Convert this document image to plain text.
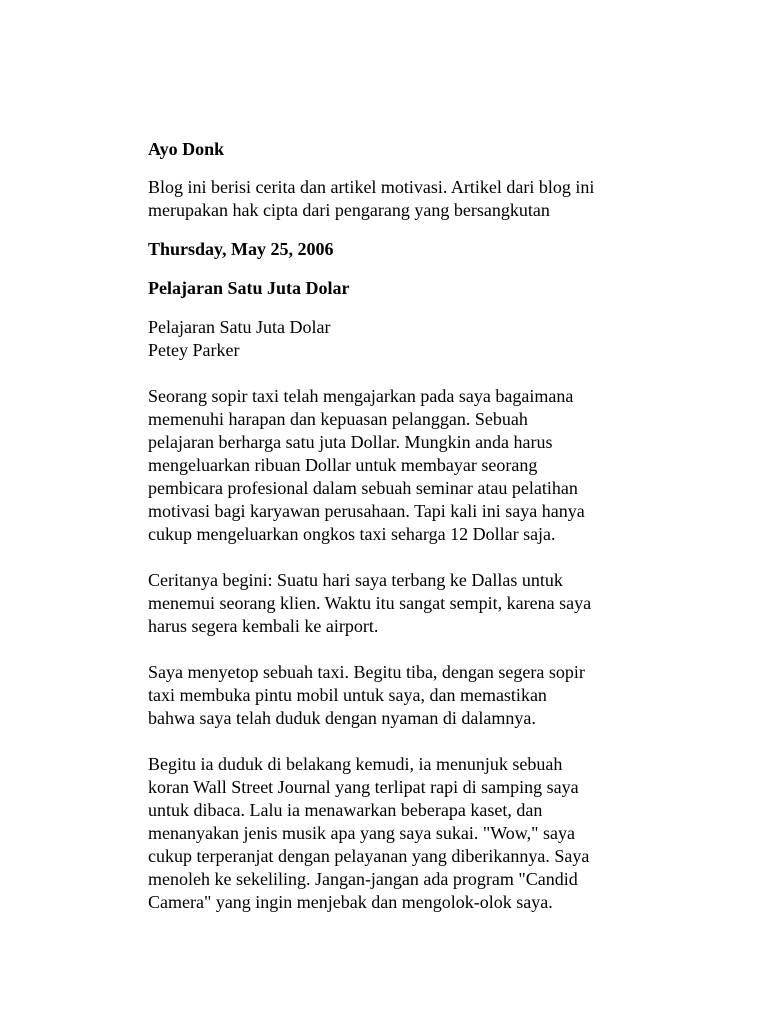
Ayo Donk
Blog ini berisi cerita dan artikel motivasi. Artikel dari blog ini
merupakan hak cipta dari pengarang yang bersangkutan
Thursday, May 25, 2006
Pelajaran Satu Juta Dolar
Pelajaran Satu Juta Dolar
Petey Parker
Seorang sopir taxi telah mengajarkan pada saya bagaimana
memenuhi harapan dan kepuasan pelanggan. Sebuah
pelajaran berharga satu juta Dollar. Mungkin anda harus
mengeluarkan ribuan Dollar untuk membayar seorang
pembicara profesional dalam sebuah seminar atau pelatihan
motivasi bagi karyawan perusahaan. Tapi kali ini saya hanya
cukup mengeluarkan ongkos taxi seharga 12 Dollar saja.
Ceritanya begini: Suatu hari saya terbang ke Dallas untuk
menemui seorang klien. Waktu itu sangat sempit, karena saya
harus segera kembali ke airport.
Saya menyetop sebuah taxi. Begitu tiba, dengan segera sopir
taxi membuka pintu mobil untuk saya, dan memastikan
bahwa saya telah duduk dengan nyaman di dalamnya.
Begitu ia duduk di belakang kemudi, ia menunjuk sebuah
koran Wall Street Journal yang terlipat rapi di samping saya
untuk dibaca. Lalu ia menawarkan beberapa kaset, dan
menanyakan jenis musik apa yang saya sukai. "Wow," saya
cukup terperanjat dengan pelayanan yang diberikannya. Saya
menoleh ke sekeliling. Jangan-jangan ada program "Candid
Camera" yang ingin menjebak dan mengolok-olok saya.
